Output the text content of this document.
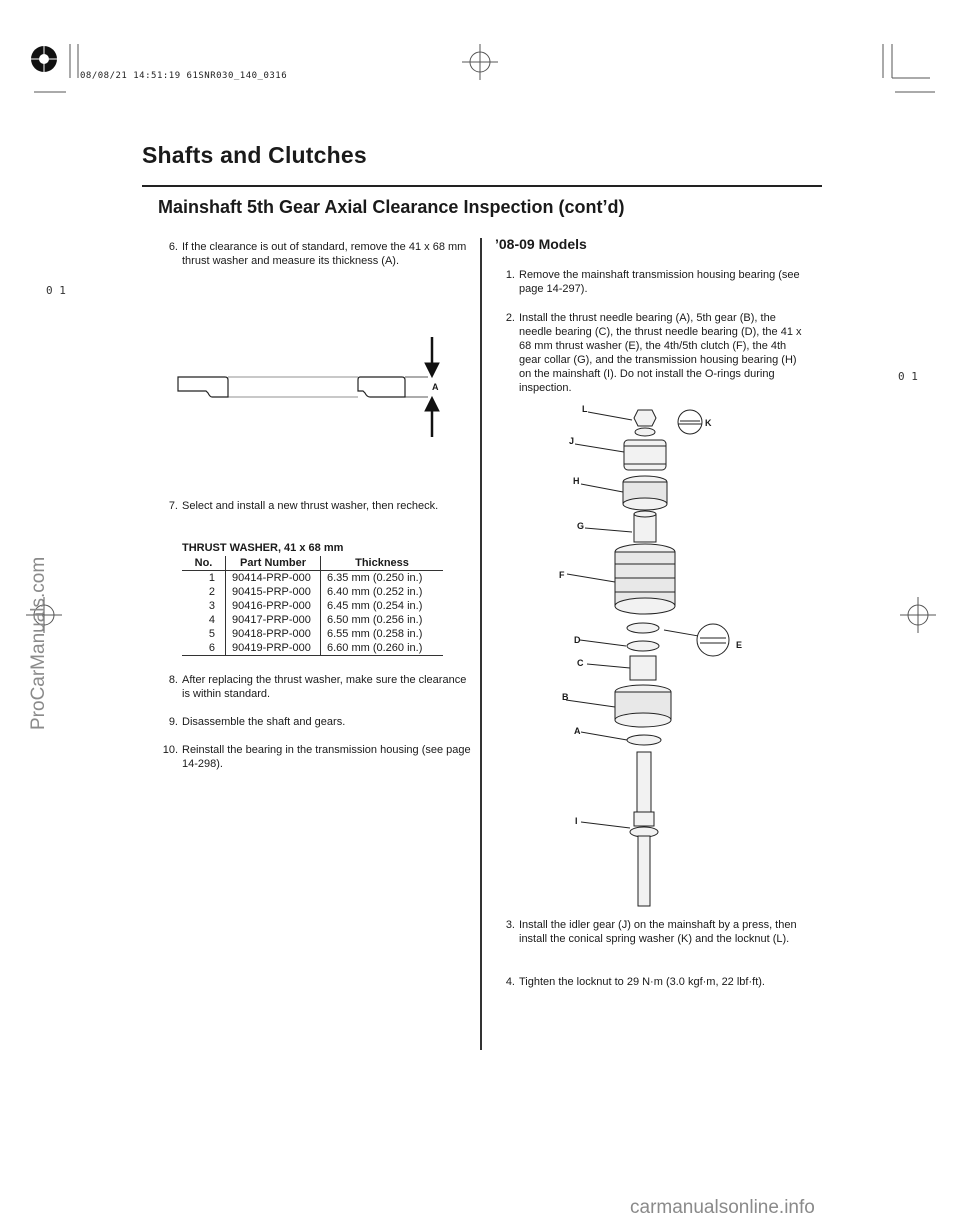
08/08/21 14:51:19 61SNR030_140_0316
Shafts and Clutches
Mainshaft 5th Gear Axial Clearance Inspection (cont’d)
0 1
0 1
6. If the clearance is out of standard, remove the 41 x 68 mm thrust washer and measure its thickness (A).
A
7. Select and install a new thrust washer, then recheck.
THRUST WASHER, 41 x 68 mm
No.	Part Number	Thickness
1	90414-PRP-000	6.35 mm (0.250 in.)
2	90415-PRP-000	6.40 mm (0.252 in.)
3	90416-PRP-000	6.45 mm (0.254 in.)
4	90417-PRP-000	6.50 mm (0.256 in.)
5	90418-PRP-000	6.55 mm (0.258 in.)
6	90419-PRP-000	6.60 mm (0.260 in.)
8. After replacing the thrust washer, make sure the clearance is within standard.
9. Disassemble the shaft and gears.
10. Reinstall the bearing in the transmission housing (see page 14-298).
’08-09 Models
1. Remove the mainshaft transmission housing bearing (see page 14-297).
2. Install the thrust needle bearing (A), 5th gear (B), the needle bearing (C), the thrust needle bearing (D), the 41 x 68 mm thrust washer (E), the 4th/5th clutch (F), the 4th gear collar (G), and the transmission housing bearing (H) on the mainshaft (I). Do not install the O-rings during inspection.
L
K
J
H
G
F
E
D
C
B
A
I
3. Install the idler gear (J) on the mainshaft by a press, then install the conical spring washer (K) and the locknut (L).
4. Tighten the locknut to 29 N·m (3.0 kgf·m, 22 lbf·ft).
ProCarManuals.com
carmanualsonline.info
